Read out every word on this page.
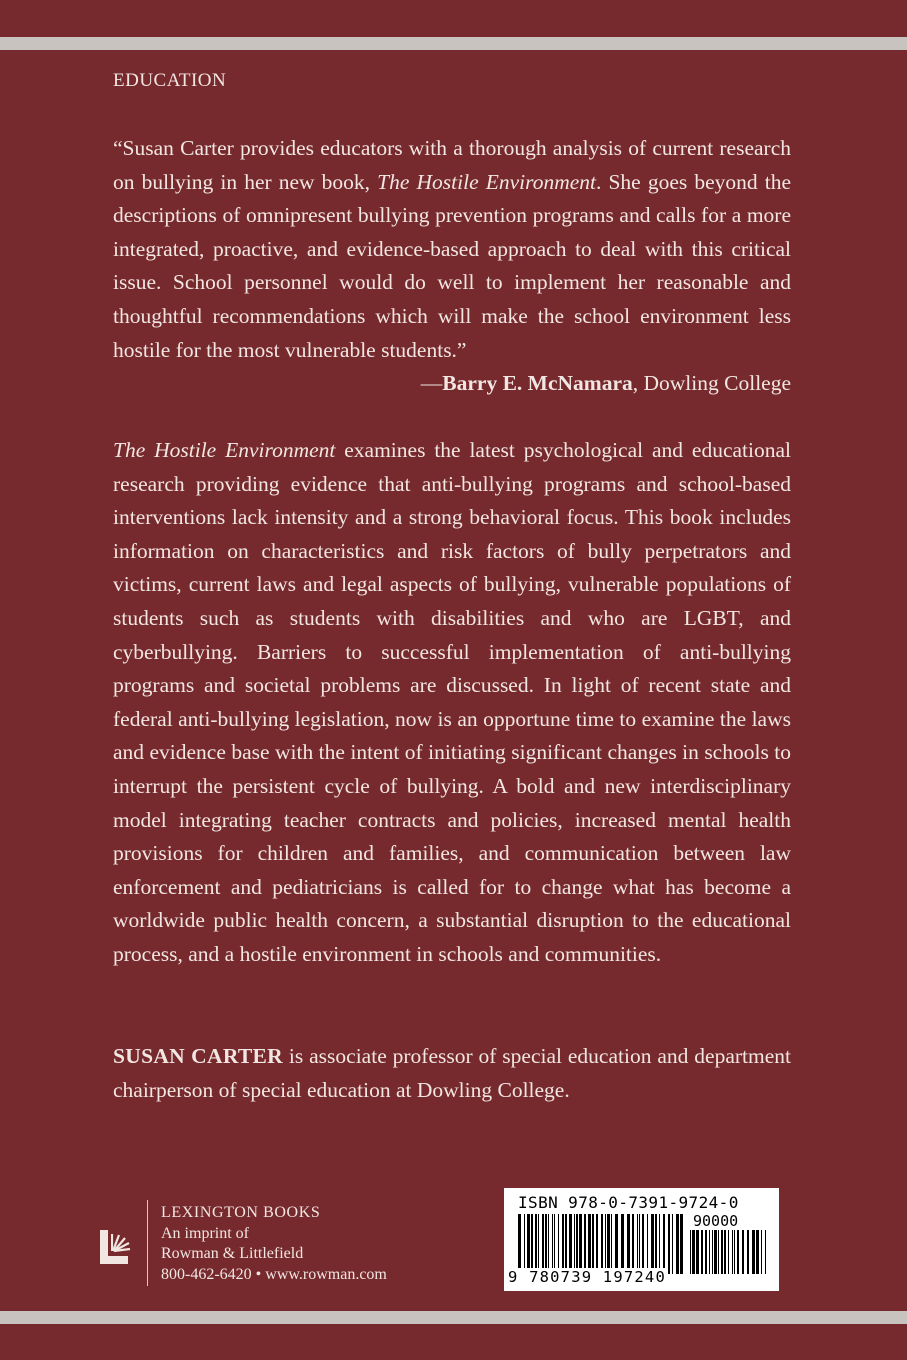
EDUCATION

“Susan Carter provides educators with a thorough analysis of current research on bullying in her new book, The Hostile Environment. She goes beyond the descriptions of omnipresent bullying prevention programs and calls for a more integrated, proactive, and evidence-based approach to deal with this critical issue. School personnel would do well to implement her reasonable and thoughtful recommendations which will make the school environment less hostile for the most vulnerable students.”

—Barry E. McNamara, Dowling College

The Hostile Environment examines the latest psychological and educational research providing evidence that anti-bullying programs and school-based interventions lack intensity and a strong behavioral focus. This book includes information on characteristics and risk factors of bully perpetrators and victims, current laws and legal aspects of bullying, vulnerable populations of students such as students with disabilities and who are LGBT, and cyberbullying. Barriers to successful implementation of anti-bullying programs and societal problems are discussed. In light of recent state and federal anti-bullying legislation, now is an opportune time to examine the laws and evidence base with the intent of initiating significant changes in schools to interrupt the persistent cycle of bullying. A bold and new interdisciplinary model integrating teacher contracts and policies, increased mental health provisions for children and families, and communication between law enforcement and pediatricians is called for to change what has become a worldwide public health concern, a substantial disruption to the educational process, and a hostile environment in schools and communities.

SUSAN CARTER is associate professor of special education and department chairperson of special education at Dowling College.

LEXINGTON BOOKS
An imprint of
Rowman & Littlefield
800-462-6420 • www.rowman.com
ISBN 978-0-7391-9724-0
90000
9 780739 197240
